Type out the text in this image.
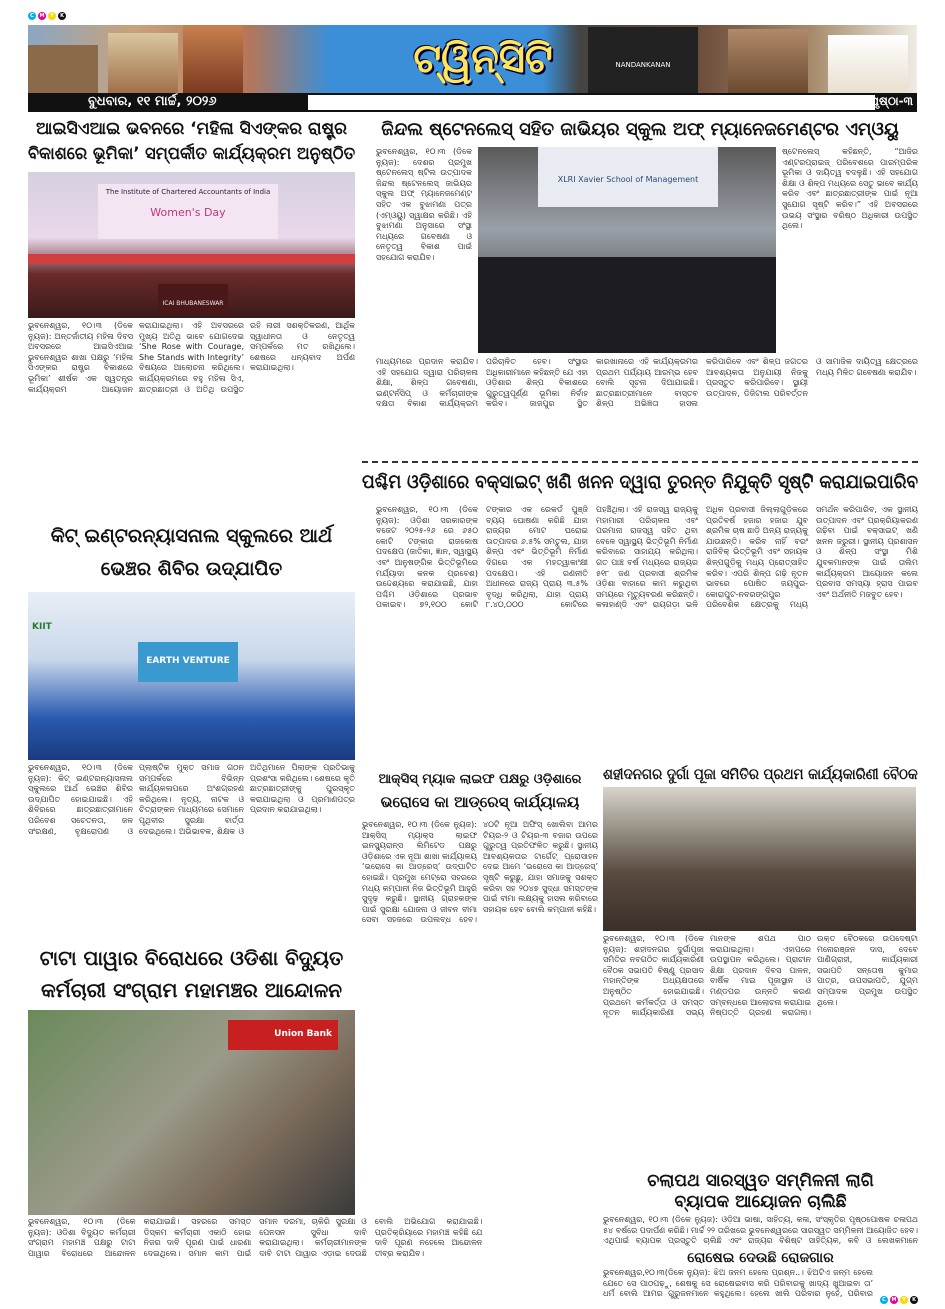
C	M	Y	K
ଟ୍ୱିନ୍‌ସିଟି	NANDANKANAN
ବୁଧବାର, ୧୧ ମାର୍ଚ୍ଚ, ୨୦୨୬	ପୃଷ୍ଠା-୩
ଆଇସିଏଆଇ ଭବନରେ ‘ମହିଳା ସିଏଙ୍କର ରାଷ୍ଟ୍ର
ବିକାଶରେ ଭୂମିକା’ ସମ୍ପର୍କୀତ କାର୍ଯ୍ୟକ୍ରମ ଅନୁଷ୍ଠିତ
The Institute of Chartered Accountants of India
Women's Day
ICAI BHUBANESWAR
ଭୁବନେଶ୍ୱର, ୧୦।୩ (ଡିକେ ନ୍ୟୁଜ): ଅନ୍ତର୍ଜାତୀୟ ମହିଳା ଦିବସ ଅବସରରେ ଆଇସିଏଆଇ ଭୁବନେଶ୍ୱର ଶାଖା ପକ୍ଷରୁ ‘ମହିଳା ସିଏଙ୍କର ରାଷ୍ଟ୍ର ବିକାଶରେ ଭୂମିକା’ ଶୀର୍ଷକ ଏକ ସ୍ୱତନ୍ତ୍ର କାର୍ଯ୍ୟକ୍ରମ ଆୟୋଜନ କରାଯାଇଥିଲା। ଏହି ଅବସରରେ ମୁଖ୍ୟ ଅତିଥି ଭାବେ ଯୋଗଦେଇ ‘She Rose with Courage, She Stands with Integrity’ ବିଷୟରେ ଆଲୋଚନା କରିଥିଲେ। କାର୍ଯ୍ୟକ୍ରମରେ ବହୁ ମହିଳା ସିଏ, ଛାତ୍ରଛାତ୍ରୀ ଓ ଅତିଥି ଉପସ୍ଥିତ ରହି ନାରୀ ସଶକ୍ତିକରଣ, ଆର୍ଥିକ ସ୍ୱାଧୀନତା ଓ ନେତୃତ୍ୱ ସମ୍ପର୍କରେ ମତ ରଖିଥିଲେ। ଶେଷରେ ଧନ୍ୟବାଦ ଅର୍ପଣ କରାଯାଇଥିଲା।
ଜିନ୍ଦଲ ଷ୍ଟେନଲେସ୍ ସହିତ ଜାଭିୟର ସ୍କୁଲ ଅଫ୍ ମ୍ୟାନେଜମେଣ୍ଟର ଏମ୍‌ଓୟୁ
ଭୁବନେଶ୍ୱର, ୧୦।୩ (ଡିକେ ନ୍ୟୁଜ): ଦେଶର ପ୍ରମୁଖ ଷ୍ଟେନଲେସ୍ ଷ୍ଟିଲ ଉତ୍ପାଦକ ଜିନ୍ଦଲ ଷ୍ଟେନଲେସ୍ ଜାଭିୟର ସ୍କୁଲ ଅଫ୍ ମ୍ୟାନେଜମେଣ୍ଟ ସହିତ ଏକ ବୁଝାମଣା ପତ୍ର (ଏମ୍‌ଓୟୁ) ସ୍ୱାକ୍ଷର କରିଛି। ଏହି ବୁଝାମଣା ଅନୁସାରେ ସଂସ୍ଥା ମଧ୍ୟରେ ଗବେଷଣା ଓ ନେତୃତ୍ୱ ବିକାଶ ପାଇଁ ସହଯୋଗ କରାଯିବ।
XLRI Xavier School of Management
ଷ୍ଟେନଲେସ୍ କହିଛନ୍ତି, “ଆଜିର ଏଣ୍ଟରପ୍ରାଇଜ୍ ପରିବେଶରେ ପାରମ୍ପରିକ ଭୂମିକା ଓ ଦାୟିତ୍ୱ ବଦଳୁଛି। ଏହି ସହଯୋଗ ଶିକ୍ଷା ଓ ଶିଳ୍ପ ମଧ୍ୟରେ ସେତୁ ଭାବେ କାର୍ଯ୍ୟ କରିବ ଏବଂ ଛାତ୍ରଛାତ୍ରୀଙ୍କ ପାଇଁ ନୂଆ ସୁଯୋଗ ସୃଷ୍ଟି କରିବ।” ଏହି ଅବସରରେ ଉଭୟ ସଂସ୍ଥାର ବରିଷ୍ଠ ଅଧିକାରୀ ଉପସ୍ଥିତ ଥିଲେ।
ମାଧ୍ୟମରେ ପ୍ରଦାନ କରାଯିବ। ଏହି ସହଯୋଗ ଦ୍ୱାରା ପରିଚାଳନା ଶିକ୍ଷା, ଶିଳ୍ପ ଗବେଷଣା, ଇଣ୍ଟର୍ନସିପ୍ ଓ କର୍ମଚାରୀଙ୍କ ଦକ୍ଷତା ବିକାଶ କାର୍ଯ୍ୟକ୍ରମ ପରିଚାଳିତ ହେବ। ସଂସ୍ଥାର ଅଧିକାରୀମାନେ କହିଛନ୍ତି ଯେ ଏହା ଓଡ଼ିଶାର ଶିଳ୍ପ ବିକାଶରେ ଗୁରୁତ୍ୱପୂର୍ଣ୍ଣ ଭୂମିକା ନିର୍ବାହ କରିବ। ଜାଜପୁର ସ୍ଥିତ କାରଖାନାରେ ଏହି କାର୍ଯ୍ୟକ୍ରମର ପ୍ରଥମ ପର୍ଯ୍ୟାୟ ଆରମ୍ଭ ହେବ ବୋଲି ସୂଚନା ଦିଆଯାଇଛି। ଛାତ୍ରଛାତ୍ରୀମାନେ ବାସ୍ତବ ଶିଳ୍ପ ଅଭିଜ୍ଞତା ହାସଲ କରିପାରିବେ ଏବଂ ଶିଳ୍ପ ଜଗତର ଆବଶ୍ୟକତା ଅନୁଯାୟୀ ନିଜକୁ ପ୍ରସ୍ତୁତ କରିପାରିବେ। ସ୍ଥାୟୀ ଉତ୍ପାଦନ, ଡିଜିଟାଲ ପରିବର୍ତ୍ତନ ଓ ସାମାଜିକ ଦାୟିତ୍ୱ କ୍ଷେତ୍ରରେ ମଧ୍ୟ ମିଳିତ ଗବେଷଣା କରାଯିବ।
ପଶ୍ଚିମ ଓଡ଼ିଶାରେ ବକ୍ସାଇଟ୍ ଖଣି ଖନନ ଦ୍ୱାରା ତୁରନ୍ତ ନିଯୁକ୍ତି ସୃଷ୍ଟି କରାଯାଇପାରିବ
ଭୁବନେଶ୍ୱର, ୧୦।୩ (ଡିକେ ନ୍ୟୁଜ): ଓଡ଼ିଶା ସରକାରଙ୍କ ବଜେଟ ୨୦୨୫-୨୬ ରେ ୬୫୦ କୋଟି ଟଙ୍କାର ରାଜକୋଷ ପଦକ୍ଷେପ (ଜାତିକା, ଜ୍ଞାନ, ସ୍ୱାସ୍ଥ୍ୟ ଏବଂ ଆନୁଷଙ୍ଗିକ ଭିତ୍ତିଭୂମିରେ ମର୍ଯ୍ୟାଦା କନକ ପ୍ରବେଶ) ଉଦ୍ଦେଶ୍ୟରେ କରାଯାଇଛି, ଯାହା ପଶ୍ଚିମ ଓଡ଼ିଶାରେ ପ୍ରଭାବ ପକାଇବ। ୭୨,୧୦୦ କୋଟି ଟଙ୍କାର ଏକ ରେକର୍ଡ ପୁଞ୍ଜି ବ୍ୟୟ ଘୋଷଣା କରିଛି ଯାହା ରାଜ୍ୟର ମୋଟ ଘରୋଇ ଉତ୍ପାଦର ୬.୫% ସମତୁଲ, ଯାହା ଶିଳ୍ପ ଏବଂ ଭିତ୍ତିଭୂମି ନିର୍ମାଣ ଦିଗରେ ଏକ ମହତ୍ୱାକାଂକ୍ଷୀ ପଦକ୍ଷେପ। ଏହି ରଣନୀତି ଅଧୀନରେ ରାଜ୍ୟ ପ୍ରାୟ ୩.୫% ବୃଦ୍ଧି କରିଥିଲା, ଯାହା ପ୍ରାୟ ୮.୪୦,୦୦୦ କୋଟିରେ ପହଞ୍ଚିଥିଲା। ଏହି ରାଜସ୍ୱ ରାଜ୍ୟକୁ ମହାମାରୀ ପରିଚାଳନା ଏବଂ ପରମାନା ରାଜସ୍ୱ ସହିତ ଥିବା ବେଳେ ସ୍ୱାସ୍ଥ୍ୟ ଭିତ୍ତିଭୂମି ନିର୍ମାଣ କରିବାରେ ସାହାଯ୍ୟ କରିଥିଲା। ଗତ ପାଞ୍ଚ ବର୍ଷ ମଧ୍ୟରେ ରାଜ୍ୟର ୫୧୮ ଜଣ ପ୍ରବାସୀ ଶ୍ରମିକ ଓଡ଼ିଶା ବାହାରେ କାମ କରୁଥିବା ସମୟରେ ମୃତ୍ୟୁବରଣ କରିଛନ୍ତି। କଳାହାଣ୍ଡି ଏବଂ ରାୟଗଡ଼ା ଭଳି ଅଧିକ ପ୍ରବାସୀ ଜିଲ୍ଲାଗୁଡ଼ିକରେ ପ୍ରତିବର୍ଷ ହଜାର ହଜାର ଯୁବ ଶ୍ରମିକ ଚାଷ ଛାଡ଼ି ଅନ୍ୟ ରାଜ୍ୟକୁ ଯାଉଛନ୍ତି। କରିବ ନାହିଁ ବରଂ ରାଜିବିକ୍ ଭିତ୍ତିଭୂମି ଏବଂ ସହାୟକ ଶିଳ୍ପଗୁଡ଼ିକୁ ମଧ୍ୟ ପ୍ରୋତ୍ସାହିତ କରିବ। ଏପରି ଶିଳ୍ପ ଗଢ଼ି ନୂତନ ଭାବରେ ପୋଷିତ ଜୟପୁର-କୋରାପୁଟ-ନବରଙ୍ଗପୁର ପରିବେଶିକ କ୍ଷେତ୍ରକୁ ମଧ୍ୟ ସମର୍ଥନ କରିପାରିବ, ଏକ ସ୍ଥାନୀୟ ଉତ୍ପାଦନ ଏବଂ ପ୍ରକ୍ରିୟାକରଣ ଗଢ଼ିବା ପାଇଁ ବକ୍ସାଇଟ୍ ଖଣି ଖନନ ଜରୁରୀ। ସ୍ଥାନୀୟ ପ୍ରଶାସନ ଓ ଶିଳ୍ପ ସଂସ୍ଥା ମିଶି ଯୁବକମାନଙ୍କ ପାଇଁ ତାଲିମ କାର୍ଯ୍ୟକ୍ରମ ଆୟୋଜନ କଲେ ପ୍ରବାସ ସମସ୍ୟା ହ୍ରାସ ପାଇବ ଏବଂ ଅର୍ଥନୀତି ମଜବୁତ ହେବ।
କିଟ୍ ଇଣ୍ଟରନ୍ୟାସନାଲ ସ୍କୁଲରେ ଆର୍ଥ
ଭେଞ୍ଚର ଶିବିର ଉଦ୍‌ଯାପିତ
EARTH VENTURE
KIIT
ଭୁବନେଶ୍ୱର, ୧୦।୩ (ଡିକେ ନ୍ୟୁଜ): କିଟ୍ ଇଣ୍ଟରନ୍ୟାସନାଲ ସ୍କୁଲରେ ଆର୍ଥ ଭେଞ୍ଚର ଶିବିର ଉଦ୍‌ଯାପିତ ହୋଇଯାଇଛି। ଏହି ଶିବିରରେ ଛାତ୍ରଛାତ୍ରୀମାନେ ପରିବେଶ ସଚେତନତା, ଜଳ ସଂରକ୍ଷଣ, ବୃକ୍ଷରୋପଣ ଓ ପ୍ଲାଷ୍ଟିକ ମୁକ୍ତ ସମାଜ ଗଠନ ସମ୍ପର୍କରେ ବିଭିନ୍ନ କାର୍ଯ୍ୟକଳାପରେ ଅଂଶଗ୍ରହଣ କରିଥିଲେ। ନୃତ୍ୟ, ନାଟକ ଓ ଚିତ୍ରାଙ୍କନ ମାଧ୍ୟମରେ ସେମାନେ ପୃଥିବୀର ସୁରକ୍ଷା ବାର୍ତ୍ତା ଦେଇଥିଲେ। ଅଭିଭାବକ, ଶିକ୍ଷକ ଓ ଅତିଥିମାନେ ପିଲାଙ୍କ ପ୍ରତିଭାକୁ ପ୍ରଶଂସା କରିଥିଲେ। ଶେଷରେ କୃତି ଛାତ୍ରଛାତ୍ରୀଙ୍କୁ ପୁରସ୍କୃତ କରାଯାଇଥିଲା ଓ ପ୍ରମାଣପତ୍ର ପ୍ରଦାନ କରାଯାଇଥିଲା।
ଆକ୍ସିସ୍ ମ୍ୟାକ ଲାଇଫ ପକ୍ଷରୁ ଓଡ଼ିଶାରେ
ଭରୋସେ କା ଆଡ୍ରେସ୍ କାର୍ଯ୍ୟାଳୟ
ଭୁବନେଶ୍ୱର, ୧୦।୩ (ଡିକେ ନ୍ୟୁଜ): ଆକ୍ସିସ୍ ମ୍ୟାକ୍ସ ଲାଇଫ ଇନସ୍ୟୁରାନ୍ସ ଲିମିଟେଡ ପକ୍ଷରୁ ଓଡ଼ିଶାରେ ଏକ ନୂଆ ଶାଖା କାର୍ଯ୍ୟାଳୟ ‘ଭରୋସେ କା ଆଡ୍ରେସ୍’ ଉଦ୍‌ଘାଟିତ ହୋଇଛି। ପ୍ରମୁଖ ମେଟ୍ରୋ ସହରରେ ମଧ୍ୟ କମ୍ପାନୀ ନିଜ ଭିତ୍ତିଭୂମି ଆହୁରି ସୁଦୃଢ଼ କରୁଛି। ସ୍ଥାନୀୟ ଗ୍ରାହକଙ୍କ ପାଇଁ ସୁରକ୍ଷା ଯୋଜନା ଓ ଜୀବନ ବୀମା ସେବା ସହଜରେ ଉପଲବ୍ଧ ହେବ। ୪୦ଟି ନୂଆ ଅଫିସ୍ ଖୋଲିବା ଆମର ଟିୟର-୨ ଓ ଟିୟର-୩ ବଜାର ଉପରେ ଗୁରୁତ୍ୱ ପ୍ରତିଫଳିତ କରୁଛି। ସ୍ଥାନୀୟ ଆବଶ୍ୟକତାର ଟାର୍ଗେଟ୍ ପ୍ରୋସାହନ ଦେଇ ଆମେ ‘ଭରୋସେ କା ଆଡ୍ରେସ୍’ ସୃଷ୍ଟି କରୁଛୁ, ଯାହା ସମାଜକୁ ସଶକ୍ତ କରିବା ସହ ୨୦୪୭ ସୁଦ୍ଧା ସମସ୍ତଙ୍କ ପାଇଁ ବୀମା ଲକ୍ଷ୍ୟକୁ ହାସଲ କରିବାରେ ସହାୟକ ହେବ ବୋଲି କମ୍ପାନୀ କହିଛି।
ଶହୀଦନଗର ଦୁର୍ଗା ପୂଜା ସମିତିର ପ୍ରଥମ କାର୍ଯ୍ୟକାରିଣୀ ବୈଠକ
ଭୁବନେଶ୍ୱର, ୧୦।୩ (ଡିକେ ନ୍ୟୁଜ): ଶହୀଦନଗର ଦୁର୍ଗାପୂଜା ସମିତିର ନବଗଠିତ କାର୍ଯ୍ୟକାରିଣୀ ବୈଠକ ସଭାପତି ବିଷ୍ଣୁ ପ୍ରସାଦ ମହାନ୍ତିଙ୍କ ଅଧ୍ୟକ୍ଷତାରେ ଅନୁଷ୍ଠିତ ହୋଇଯାଇଛି। ପ୍ରଥମେ କର୍ମକର୍ତ୍ତା ଓ ସମସ୍ତ ନୂତନ କାର୍ଯ୍ୟକାରିଣୀ ସଭ୍ୟ ମାନଙ୍କ ଶପଥ ପାଠ କରାଯାଇଥିଲା। ଏହାପରେ ଉପସ୍ଥାପନ କରିଥିଲେ। ପ୍ରାଚୀନ ଶିକ୍ଷା ପ୍ରଦାନ ଦିବସ ପାଳନ, ବାର୍ଷିକ ମାଇ ପୂଜାସ୍ଥାନ ଓ ମଣ୍ଡପର ଉନ୍ନତି କରଣ ସମ୍ବନ୍ଧରେ ଆଲୋଚନା କରାଯାଇ ନିଷ୍ପତ୍ତି ଗ୍ରହଣ କରାଗଲା। ଉକ୍ତ ବୈଠକରେ ଉପଦେଷ୍ଟା ମନୋରଞ୍ଜନ ଦାସ, ଦେବେ ପାଣିଗ୍ରାହୀ, କାର୍ଯ୍ୟକାରୀ ସଭାପତି ସନ୍ତୋଷ କୁମାର ପାତ୍ର, ଉପସଭାପତି, ଯୁଗ୍ମ ସମ୍ପାଦକ ପ୍ରମୁଖ ଉପସ୍ଥିତ ଥିଲେ।
ଟାଟା ପାୱାର ବିରୋଧରେ ଓଡିଶା ବିଦ୍ୟୁତ
କର୍ମଚାରୀ ସଂଗ୍ରାମ ମହାମଞ୍ଚର ଆନ୍ଦୋଳନ
Union Bank
ଭୁବନେଶ୍ୱର, ୧୦।୩ (ଡିକେ ନ୍ୟୁଜ): ଓଡିଶା ବିଦ୍ୟୁତ କର୍ମଚାରୀ ସଂଗ୍ରାମ ମହାମଞ୍ଚ ପକ୍ଷରୁ ଟାଟା ପାୱାର ବିରୋଧରେ ଆନ୍ଦୋଳନ କରାଯାଇଛି। ସହରରେ ସମସ୍ତ ଡିସ୍କମ କର୍ମଚାରୀ ଏକାଠି ହୋଇ ନିଜର ଦାବି ପୂରଣ ପାଇଁ ଧାରଣା ଦେଇଥିଲେ। ସମାନ କାମ ପାଇଁ ସମାନ ଦରମା, ଚାକିରି ସୁରକ୍ଷା ଓ ପେନସନ ସୁବିଧା ଦାବି କରାଯାଇଥିଲା। କର୍ମଚାରୀମାନଙ୍କ ଦାବି ଟାଟା ପାୱାର ଏଡ଼ାଇ ଦେଉଛି ବୋଲି ଅଭିଯୋଗ କରାଯାଇଛି। ପ୍ରତିକ୍ରିୟାରେ ମହାମଞ୍ଚ କହିଛି ଯେ ଦାବି ପୂରଣ ନହେଲେ ଆନ୍ଦୋଳନ ତୀବ୍ର କରାଯିବ।
ଚଲାପଥ ସାରସ୍ୱତ ସମ୍ମିଳନୀ ଲାଗି
ବ୍ୟାପକ ଆୟୋଜନ ଚାଲିଛି
ଭୁବନେଶ୍ୱର, ୧୦।୩ (ଡିକେ ନ୍ୟୁଜ): ଓଡ଼ିଆ ଭାଷା, ସାହିତ୍ୟ, କଳା, ସଂସ୍କୃତିର ପୃଷ୍ଠପୋଷକ ଚଳାପଥ ୫୪ ବର୍ଷରେ ପଦାର୍ପଣ କରିଛି। ମାର୍ଚ୍ଚ ୨୨ ତାରିଖରେ ଭୁବନେଶ୍ୱରରେ ସାରସ୍ୱତ ସମ୍ମିଳନୀ ଆୟୋଜିତ ହେବ। ଏଥିପାଇଁ ବ୍ୟାପକ ପ୍ରସ୍ତୁତି ଚାଲିଛି ଏବଂ ରାଜ୍ୟର ବିଶିଷ୍ଟ ସାହିତ୍ୟିକ, କବି ଓ ଲେଖକମାନେ
ରୋଷେଇ ଦେଉଛି ରୋଜଗାର
ଭୁବନେଶ୍ୱର,୧୦।୩(ଡିକେ ନ୍ୟୁଜ): ଝିଅ ଜନମ ହେଲେ ପ୍ରଶ୍ନ..। ଝିଅଟିଏ ଜନ୍ମ ହେଲେ ଯେତେ ସେ ପାଠପଢ଼ୁ, ଶେଷକୁ ସେ ରୋଷେଇବାସ କରି ପରିବାରକୁ ଖାଦ୍ୟ ଖୁଆଇବା ତା’ ଧର୍ମ ବୋଲି ଆମର ଗୁରୁଜନମାନେ କହୁଥିଲେ। ହେଲେ ଖାଲି ପରିବାର ନୁହେଁ, ପରିବାର
C	M	Y	K
